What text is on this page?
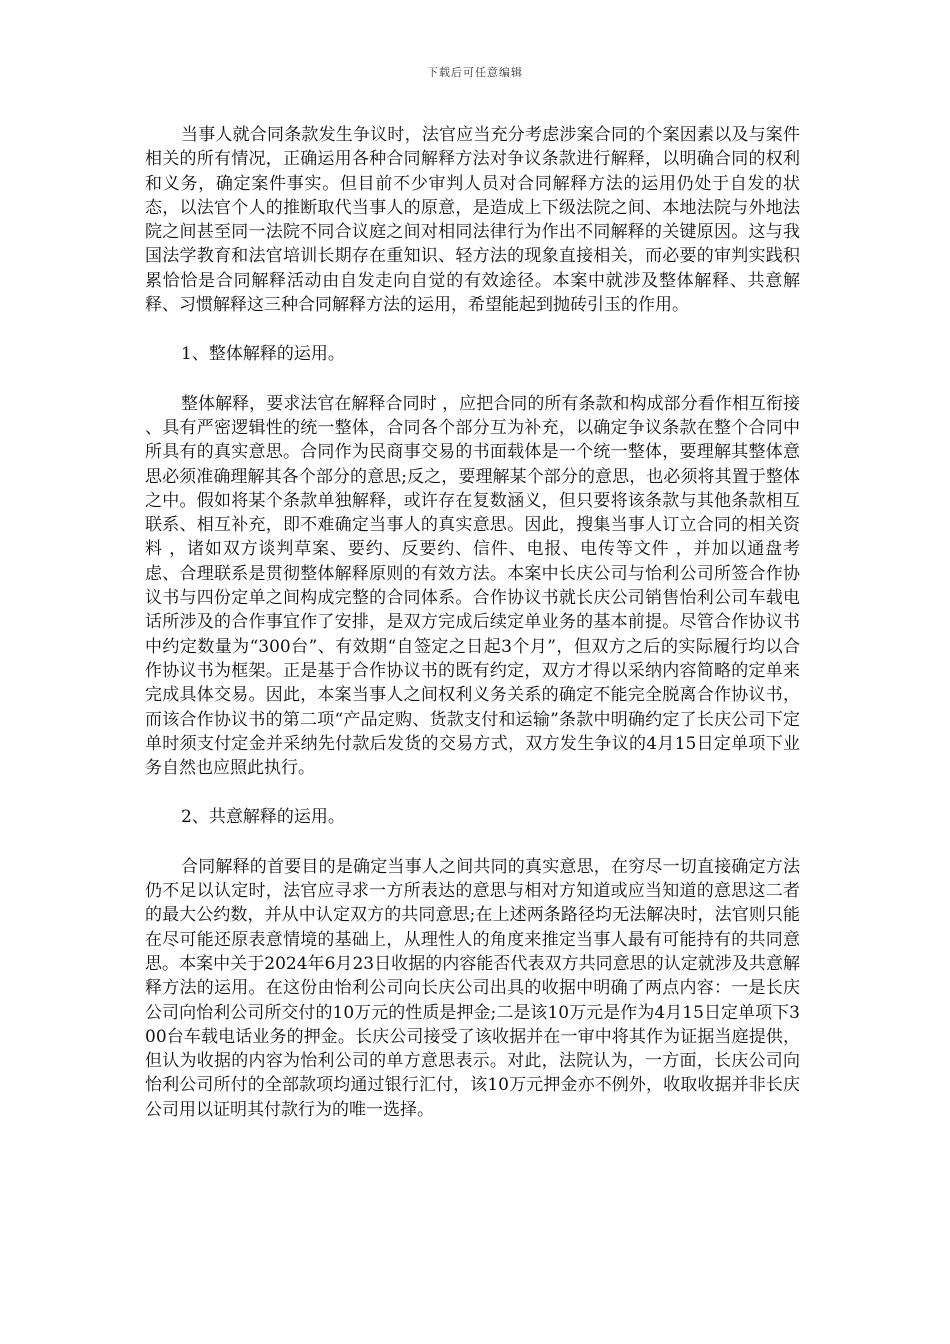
下载后可任意编辑

当事人就合同条款发生争议时，法官应当充分考虑涉案合同的个案因素以及与案件相关的所有情况，正确运用各种合同解释方法对争议条款进行解释，以明确合同的权利和义务，确定案件事实。但目前不少审判人员对合同解释方法的运用仍处于自发的状态，以法官个人的推断取代当事人的原意，是造成上下级法院之间、本地法院与外地法院之间甚至同一法院不同合议庭之间对相同法律行为作出不同解释的关键原因。这与我国法学教育和法官培训长期存在重知识、轻方法的现象直接相关，而必要的审判实践积累恰恰是合同解释活动由自发走向自觉的有效途径。本案中就涉及整体解释、共意解释、习惯解释这三种合同解释方法的运用，希望能起到抛砖引玉的作用。

1、整体解释的运用。

整体解释，要求法官在解释合同时 ，应把合同的所有条款和构成部分看作相互衔接 、具有严密逻辑性的统一整体，合同各个部分互为补充，以确定争议条款在整个合同中所具有的真实意思。合同作为民商事交易的书面载体是一个统一整体，要理解其整体意思必须准确理解其各个部分的意思;反之，要理解某个部分的意思，也必须将其置于整体之中。假如将某个条款单独解释，或许存在复数涵义，但只要将该条款与其他条款相互联系、相互补充，即不难确定当事人的真实意思。因此，搜集当事人订立合同的相关资料 ，诸如双方谈判草案、要约、反要约、信件、电报、电传等文件 ，并加以通盘考虑、合理联系是贯彻整体解释原则的有效方法。本案中长庆公司与怡利公司所签合作协议书与四份定单之间构成完整的合同体系。合作协议书就长庆公司销售怡利公司车载电话所涉及的合作事宜作了安排，是双方完成后续定单业务的基本前提。尽管合作协议书中约定数量为“300台”、有效期“自签定之日起3个月”，但双方之后的实际履行均以合作协议书为框架。正是基于合作协议书的既有约定，双方才得以采纳内容简略的定单来完成具体交易。因此，本案当事人之间权利义务关系的确定不能完全脱离合作协议书，而该合作协议书的第二项“产品定购、货款支付和运输”条款中明确约定了长庆公司下定单时须支付定金并采纳先付款后发货的交易方式，双方发生争议的4月15日定单项下业务自然也应照此执行。

2、共意解释的运用。

合同解释的首要目的是确定当事人之间共同的真实意思，在穷尽一切直接确定方法仍不足以认定时，法官应寻求一方所表达的意思与相对方知道或应当知道的意思这二者的最大公约数，并从中认定双方的共同意思;在上述两条路径均无法解决时，法官则只能在尽可能还原表意情境的基础上，从理性人的角度来推定当事人最有可能持有的共同意思。本案中关于2024年6月23日收据的内容能否代表双方共同意思的认定就涉及共意解释方法的运用。在这份由怡利公司向长庆公司出具的收据中明确了两点内容：一是长庆公司向怡利公司所交付的10万元的性质是押金;二是该10万元是作为4月15日定单项下300台车载电话业务的押金。长庆公司接受了该收据并在一审中将其作为证据当庭提供，但认为收据的内容为怡利公司的单方意思表示。对此，法院认为，一方面，长庆公司向怡利公司所付的全部款项均通过银行汇付，该10万元押金亦不例外，收取收据并非长庆公司用以证明其付款行为的唯一选择。
